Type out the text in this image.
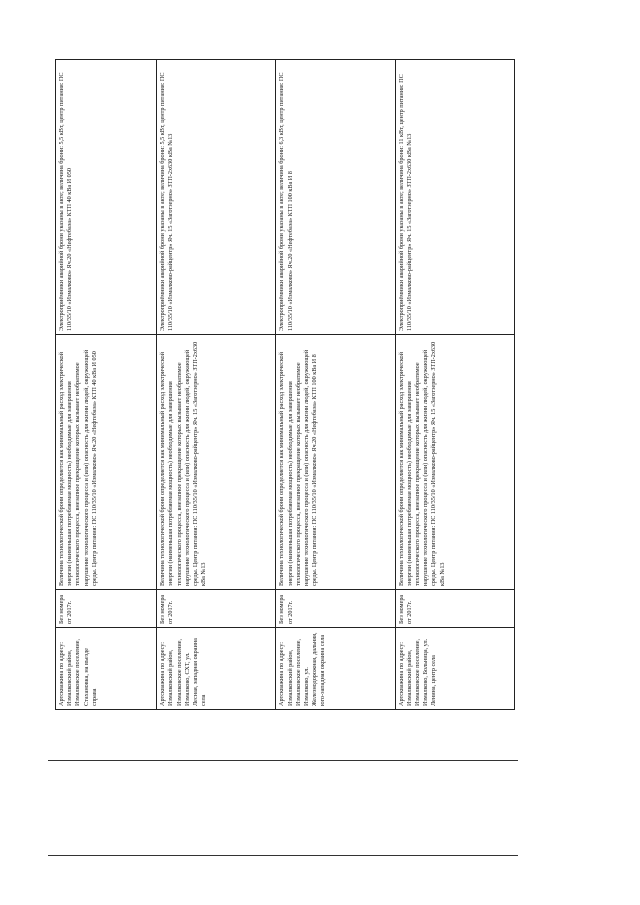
Артскважина по адресу: Измалковский район, Измалковское поселение, Стахановка, на въезде справа	Без номера от 2017г.	Величина технологической брони определяется как минимальный расход электрической энергии (наименьшая потребляемая мощность) необходимые для завершения технологического процесса, внезапное прекращение которых вызывает необратимое нарушение технологического процесса и (или) опасность для жизни людей, окружающей среды. Центр питания: ПС 110/35/10 «Измалково» Яч.20 «Нефтебаза» КТП 40 кВа И 050	Электроприёмники аварийной брони указаны в акте; величина брони: 5,5 кВт, центр питания: ПС 110/35/10 «Измалково» Яч.20 «Нефтебаза» КТП 40 кВа И 050
Артскважина по адресу: Измалковский район, Измалковское поселение, Измалково, СХТ, ул. Лесная, западная окраина села	Без номера от 2017г.	Величина технологической брони определяется как минимальный расход электрической энергии (наименьшая потребляемая мощность) необходимые для завершения технологического процесса, внезапное прекращение которых вызывает необратимое нарушение технологического процесса и (или) опасность для жизни людей, окружающей среды. Центр питания: ПС 110/35/10 «Измалково-райцентр» Яч. 15 «Заготзерно» ЗТП-2х630 кВа №13	Электроприёмники аварийной брони указаны в акте; величина брони: 5,5 кВт, центр питания: ПС 110/35/10 «Измалково-райцентр» Яч. 15 «Заготзерно» ЗТП-2х630 кВа №13
Артскважина по адресу: Измалковский район, Измалковское поселение, Измалково, ул. Железнодорожная, дальняя, юго-западная окраина села	Без номера от 2017г.	Величина технологической брони определяется как минимальный расход электрической энергии (наименьшая потребляемая мощность) необходимые для завершения технологического процесса, внезапное прекращение которых вызывает необратимое нарушение технологического процесса и (или) опасность для жизни людей, окружающей среды. Центр питания: ПС 110/35/10 «Измалково» Яч.20 «Нефтебаза» КТП 100 кВа И 8	Электроприёмники аварийной брони указаны в акте; величина брони: 6,3 кВт, центр питания: ПС 110/35/10 «Измалково» Яч.20 «Нефтебаза» КТП 100 кВа И 8
Артскважина по адресу: Измалковский район, Измалковское поселение, Измалково, Больница, ул. Ленина, центр села	Без номера от 2017г.	Величина технологической брони определяется как минимальный расход электрической энергии (наименьшая потребляемая мощность) необходимые для завершения технологического процесса, внезапное прекращение которых вызывает необратимое нарушение технологического процесса и (или) опасность для жизни людей, окружающей среды. Центр питания: ПС 110/35/10 «Измалково-райцентр» Яч. 15 «Заготзерно» ЗТП-2х630 кВа №13	Электроприёмники аварийной брони указаны в акте; величина брони: 11 кВт, центр питания: ПС 110/35/10 «Измалково-райцентр» Яч. 15 «Заготзерно» ЗТП-2х630 кВа №13
